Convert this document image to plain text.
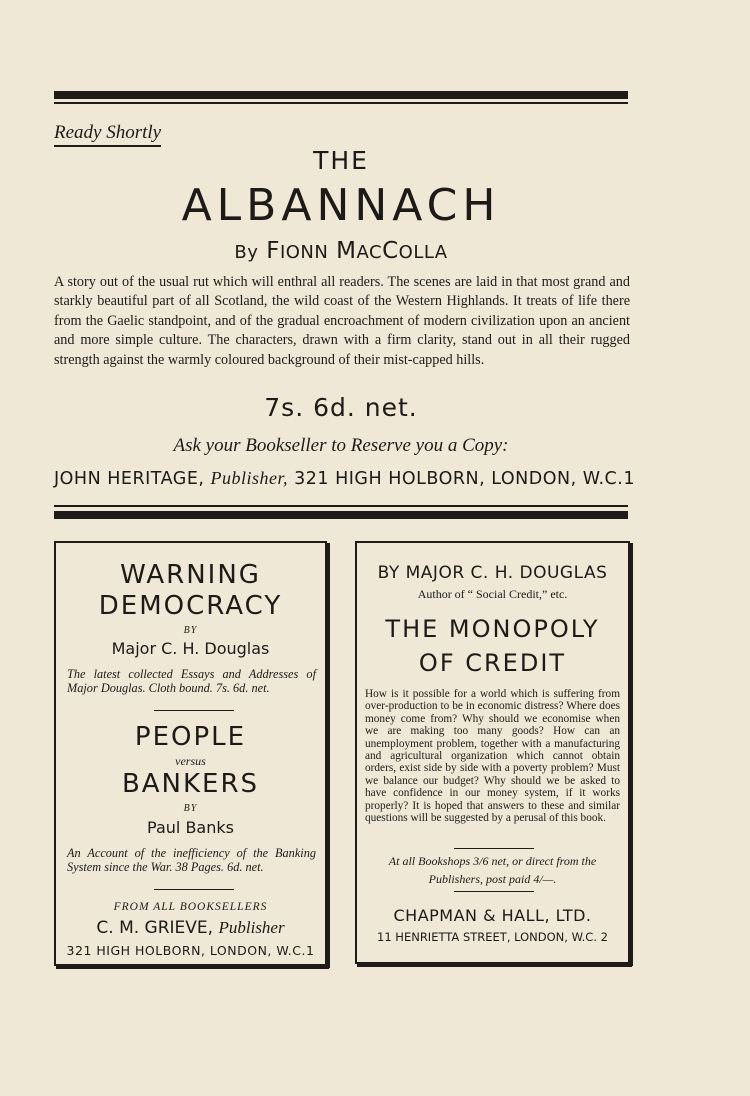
Ready Shortly
THE
ALBANNACH
By FIONN MACCOLLA
A story out of the usual rut which will enthral all readers. The scenes are laid in that most grand and starkly beautiful part of all Scotland, the wild coast of the Western Highlands. It treats of life there from the Gaelic standpoint, and of the gradual encroachment of modern civilization upon an ancient and more simple culture. The characters, drawn with a firm clarity, stand out in all their rugged strength against the warmly coloured background of their mist-capped hills.
7s. 6d. net.
Ask your Bookseller to Reserve you a Copy:
JOHN HERITAGE, Publisher, 321 HIGH HOLBORN, LONDON, W.C.1
WARNING
DEMOCRACY
BY
Major C. H. Douglas
The latest collected Essays and Addresses of Major Douglas. Cloth bound. 7s. 6d. net.
PEOPLE
versus
BANKERS
BY
Paul Banks
An Account of the inefficiency of the Banking System since the War. 38 Pages. 6d. net.
FROM ALL BOOKSELLERS
C. M. GRIEVE, Publisher
321 HIGH HOLBORN, LONDON, W.C.1
BY MAJOR C. H. DOUGLAS
Author of “ Social Credit,” etc.
THE MONOPOLY
OF CREDIT
How is it possible for a world which is suffering from over-production to be in economic distress? Where does money come from? Why should we economise when we are making too many goods? How can an unemployment problem, together with a manufacturing and agricultural organization which cannot obtain orders, exist side by side with a poverty problem? Must we balance our budget? Why should we be asked to have confidence in our money system, if it works properly? It is hoped that answers to these and similar questions will be suggested by a perusal of this book.
At all Bookshops 3/6 net, or direct from the
Publishers, post paid 4/—.
CHAPMAN & HALL, LTD.
11 HENRIETTA STREET, LONDON, W.C. 2
